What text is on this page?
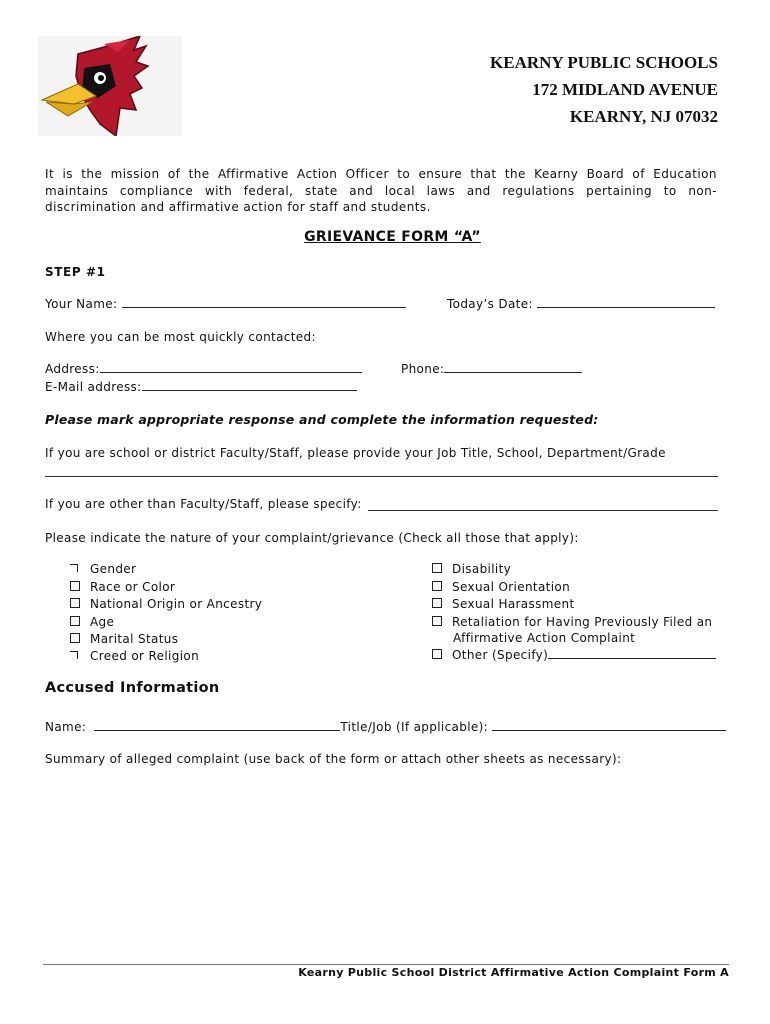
KEARNY PUBLIC SCHOOLS
172 MIDLAND AVENUE
KEARNY, NJ 07032
It is the mission of the Affirmative Action Officer to ensure that the Kearny Board of Education maintains compliance with federal, state and local laws and regulations pertaining to non-discrimination and affirmative action for staff and students.
GRIEVANCE FORM “A”
STEP #1
Your Name:	Today’s Date:
Where you can be most quickly contacted:
Address:	Phone:
E-Mail address:
Please mark appropriate response and complete the information requested:
If you are school or district Faculty/Staff, please provide your Job Title, School, Department/Grade
If you are other than Faculty/Staff, please specify:
Please indicate the nature of your complaint/grievance (Check all those that apply):
Gender
Race or Color
National Origin or Ancestry
Age
Marital Status
Creed or Religion
Disability
Sexual Orientation
Sexual Harassment
Retaliation for Having Previously Filed an
Affirmative Action Complaint
Other (Specify)
Accused Information
Name:	Title/Job (If applicable):
Summary of alleged complaint (use back of the form or attach other sheets as necessary):
Kearny Public School District Affirmative Action Complaint Form A
